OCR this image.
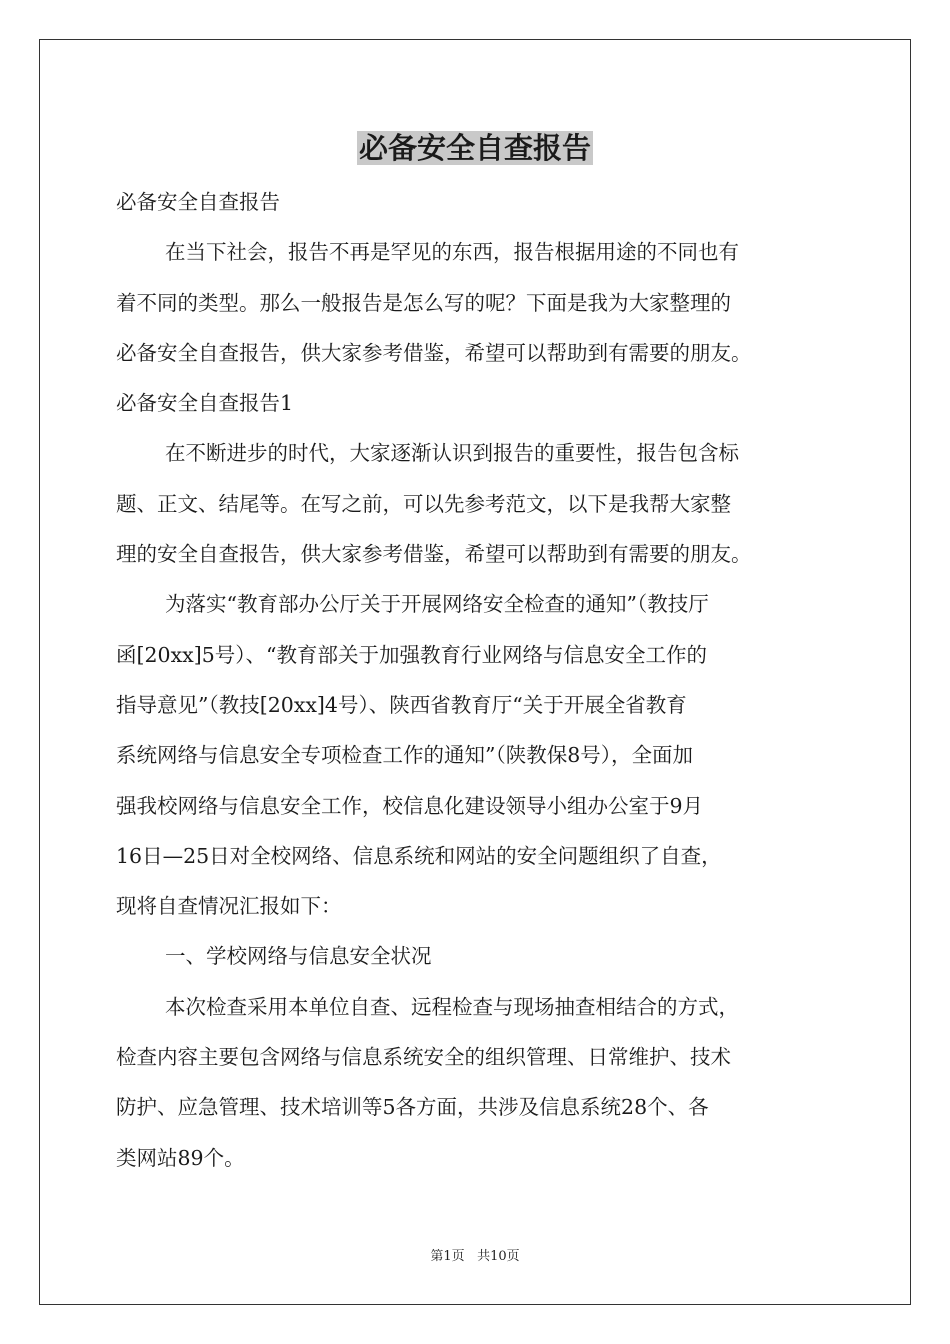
必备安全自查报告

必备安全自查报告

在当下社会，报告不再是罕见的东西，报告根据用途的不同也有

着不同的类型。那么一般报告是怎么写的呢？下面是我为大家整理的

必备安全自查报告，供大家参考借鉴，希望可以帮助到有需要的朋友。

必备安全自查报告1

在不断进步的时代，大家逐渐认识到报告的重要性，报告包含标

题、正文、结尾等。在写之前，可以先参考范文，以下是我帮大家整

理的安全自查报告，供大家参考借鉴，希望可以帮助到有需要的朋友。

为落实“教育部办公厅关于开展网络安全检查的通知”（教技厅

函[20xx]5号）、“教育部关于加强教育行业网络与信息安全工作的

指导意见”（教技[20xx]4号）、陕西省教育厅“关于开展全省教育

系统网络与信息安全专项检查工作的通知”（陕教保8号），全面加

强我校网络与信息安全工作，校信息化建设领导小组办公室于9月

16日—25日对全校网络、信息系统和网站的安全问题组织了自查，

现将自查情况汇报如下：

一、学校网络与信息安全状况

本次检查采用本单位自查、远程检查与现场抽查相结合的方式，

检查内容主要包含网络与信息系统安全的组织管理、日常维护、技术

防护、应急管理、技术培训等5各方面，共涉及信息系统28个、各

类网站89个。

第1页 共10页
